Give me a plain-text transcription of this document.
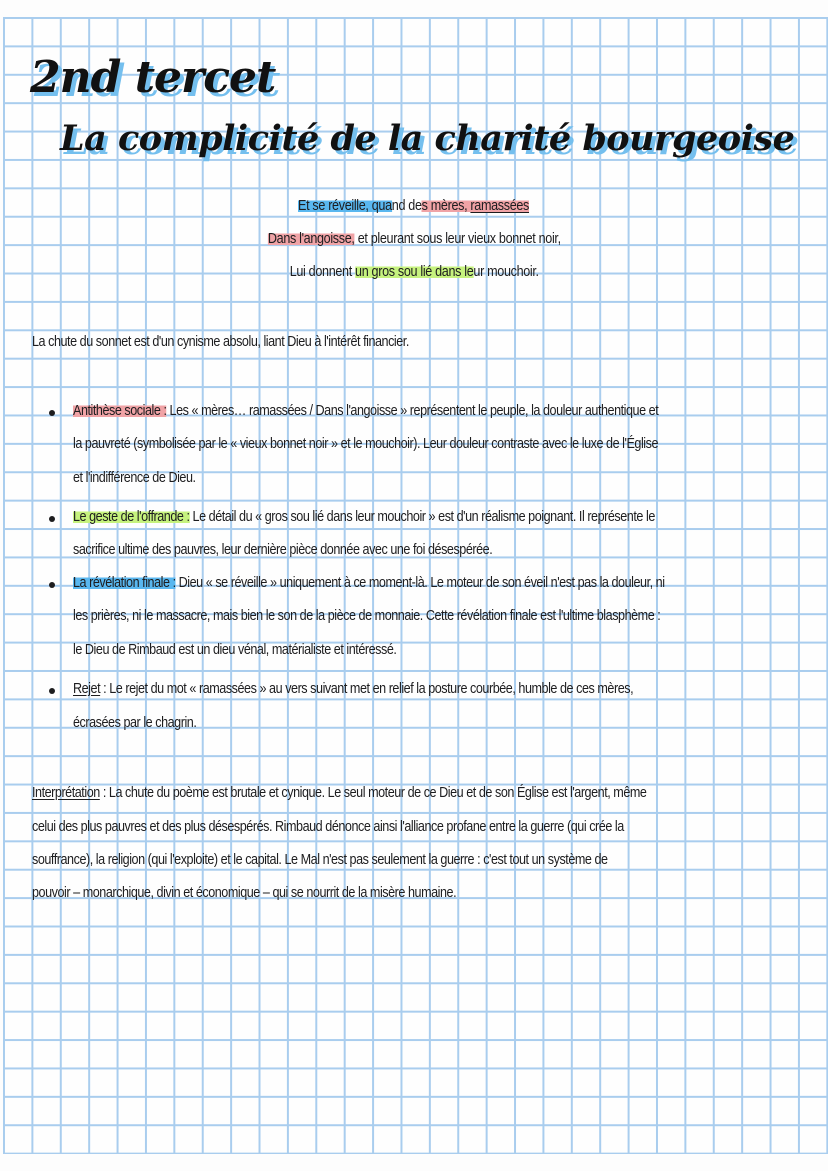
2nd tercet
La complicité de la charité bourgeoise
Et se réveille, quand des mères, ramassées
Dans l'angoisse, et pleurant sous leur vieux bonnet noir,
Lui donnent un gros sou lié dans leur mouchoir.
La chute du sonnet est d'un cynisme absolu, liant Dieu à l'intérêt financier.
Antithèse sociale : Les « mères… ramassées / Dans l'angoisse » représentent le peuple, la douleur authentique et
la pauvreté (symbolisée par le « vieux bonnet noir » et le mouchoir). Leur douleur contraste avec le luxe de l'Église
et l'indifférence de Dieu.
Le geste de l'offrande : Le détail du « gros sou lié dans leur mouchoir » est d'un réalisme poignant. Il représente le
sacrifice ultime des pauvres, leur dernière pièce donnée avec une foi désespérée.
La révélation finale : Dieu « se réveille » uniquement à ce moment-là. Le moteur de son éveil n'est pas la douleur, ni
les prières, ni le massacre, mais bien le son de la pièce de monnaie. Cette révélation finale est l'ultime blasphème :
le Dieu de Rimbaud est un dieu vénal, matérialiste et intéressé.
Rejet : Le rejet du mot « ramassées » au vers suivant met en relief la posture courbée, humble de ces mères,
écrasées par le chagrin.
Interprétation : La chute du poème est brutale et cynique. Le seul moteur de ce Dieu et de son Église est l'argent, même
celui des plus pauvres et des plus désespérés. Rimbaud dénonce ainsi l'alliance profane entre la guerre (qui crée la
souffrance), la religion (qui l'exploite) et le capital. Le Mal n'est pas seulement la guerre : c'est tout un système de
pouvoir – monarchique, divin et économique – qui se nourrit de la misère humaine.
